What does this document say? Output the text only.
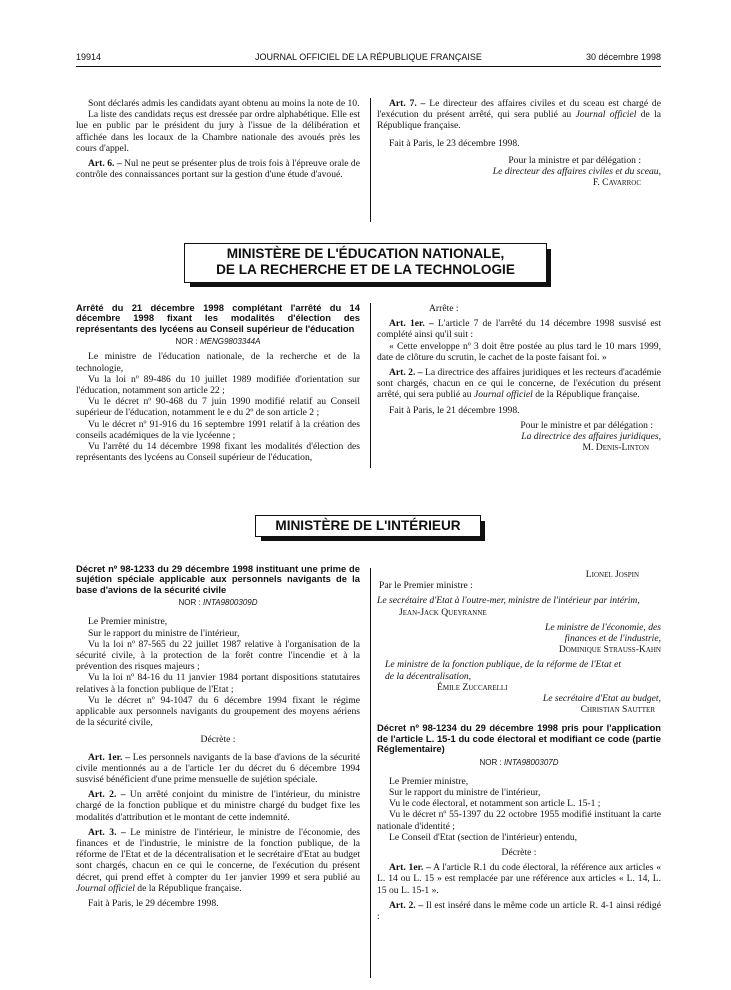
19914	JOURNAL OFFICIEL DE LA RÉPUBLIQUE FRANÇAISE	30 décembre 1998

Sont déclarés admis les candidats ayant obtenu au moins la note de 10.

La liste des candidats reçus est dressée par ordre alphabétique. Elle est lue en public par le président du jury à l'issue de la délibération et affichée dans les locaux de la Chambre nationale des avoués près les cours d'appel.

Art. 6. – Nul ne peut se présenter plus de trois fois à l'épreuve orale de contrôle des connaissances portant sur la gestion d'une étude d'avoué.

Art. 7. – Le directeur des affaires civiles et du sceau est chargé de l'exécution du présent arrêté, qui sera publié au Journal officiel de la République française.

Fait à Paris, le 23 décembre 1998.

Pour la ministre et par délégation :

Le directeur des affaires civiles et du sceau,

F. Cavarroc

MINISTÈRE DE L'ÉDUCATION NATIONALE,
DE LA RECHERCHE ET DE LA TECHNOLOGIE

Arrêté du 21 décembre 1998 complétant l'arrêté du 14 décembre 1998 fixant les modalités d'élection des représentants des lycéens au Conseil supérieur de l'éducation

NOR : MENG9803344A

Le ministre de l'éducation nationale, de la recherche et de la technologie,

Vu la loi nº 89-486 du 10 juillet 1989 modifiée d'orientation sur l'éducation, notamment son article 22 ;

Vu le décret nº 90-468 du 7 juin 1990 modifié relatif au Conseil supérieur de l'éducation, notamment le e du 2º de son article 2 ;

Vu le décret nº 91-916 du 16 septembre 1991 relatif à la création des conseils académiques de la vie lycéenne ;

Vu l'arrêté du 14 décembre 1998 fixant les modalités d'élection des représentants des lycéens au Conseil supérieur de l'éducation,

Arrête :

Art. 1er. – L'article 7 de l'arrêté du 14 décembre 1998 susvisé est complété ainsi qu'il suit :

« Cette enveloppe nº 3 doit être postée au plus tard le 10 mars 1999, date de clôture du scrutin, le cachet de la poste faisant foi. »

Art. 2. – La directrice des affaires juridiques et les recteurs d'académie sont chargés, chacun en ce qui le concerne, de l'exécution du présent arrêté, qui sera publié au Journal officiel de la République française.

Fait à Paris, le 21 décembre 1998.

Pour le ministre et par délégation :

La directrice des affaires juridiques,

M. Denis-Linton

MINISTÈRE DE L'INTÉRIEUR

Décret nº 98-1233 du 29 décembre 1998 instituant une prime de sujétion spéciale applicable aux personnels navigants de la base d'avions de la sécurité civile

NOR : INTA9800309D

Le Premier ministre,

Sur le rapport du ministre de l'intérieur,

Vu la loi nº 87-565 du 22 juillet 1987 relative à l'organisation de la sécurité civile, à la protection de la forêt contre l'incendie et à la prévention des risques majeurs ;

Vu la loi nº 84-16 du 11 janvier 1984 portant dispositions statutaires relatives à la fonction publique de l'Etat ;

Vu le décret nº 94-1047 du 6 décembre 1994 fixant le régime applicable aux personnels navigants du groupement des moyens aériens de la sécurité civile,

Décrète :

Art. 1er. – Les personnels navigants de la base d'avions de la sécurité civile mentionnés au a de l'article 1er du décret du 6 décembre 1994 susvisé bénéficient d'une prime mensuelle de sujétion spéciale.

Art. 2. – Un arrêté conjoint du ministre de l'intérieur, du ministre chargé de la fonction publique et du ministre chargé du budget fixe les modalités d'attribution et le montant de cette indemnité.

Art. 3. – Le ministre de l'intérieur, le ministre de l'économie, des finances et de l'industrie, le ministre de la fonction publique, de la réforme de l'Etat et de la décentralisation et le secrétaire d'Etat au budget sont chargés, chacun en ce qui le concerne, de l'exécution du présent décret, qui prend effet à compter du 1er janvier 1999 et sera publié au Journal officiel de la République française.

Fait à Paris, le 29 décembre 1998.

Lionel Jospin

Par le Premier ministre :

Le secrétaire d'Etat à l'outre-mer, ministre de l'intérieur par intérim,

Jean-Jack Queyranne

Le ministre de l'économie, des finances et de l'industrie,

Dominique Strauss-Kahn

Le ministre de la fonction publique, de la réforme de l'Etat et de la décentralisation,

Émile Zuccarelli

Le secrétaire d'Etat au budget,

Christian Sautter

Décret nº 98-1234 du 29 décembre 1998 pris pour l'application de l'article L. 15-1 du code électoral et modifiant ce code (partie Réglementaire)

NOR : INTA9800307D

Le Premier ministre,

Sur le rapport du ministre de l'intérieur,

Vu le code électoral, et notamment son article L. 15-1 ;

Vu le décret nº 55-1397 du 22 octobre 1955 modifié instituant la carte nationale d'identité ;

Le Conseil d'Etat (section de l'intérieur) entendu,

Décrète :

Art. 1er. – A l'article R.1 du code électoral, la référence aux articles « L. 14 ou L. 15 » est remplacée par une référence aux articles « L. 14, L. 15 ou L. 15-1 ».

Art. 2. – Il est inséré dans le même code un article R. 4-1 ainsi rédigé :
